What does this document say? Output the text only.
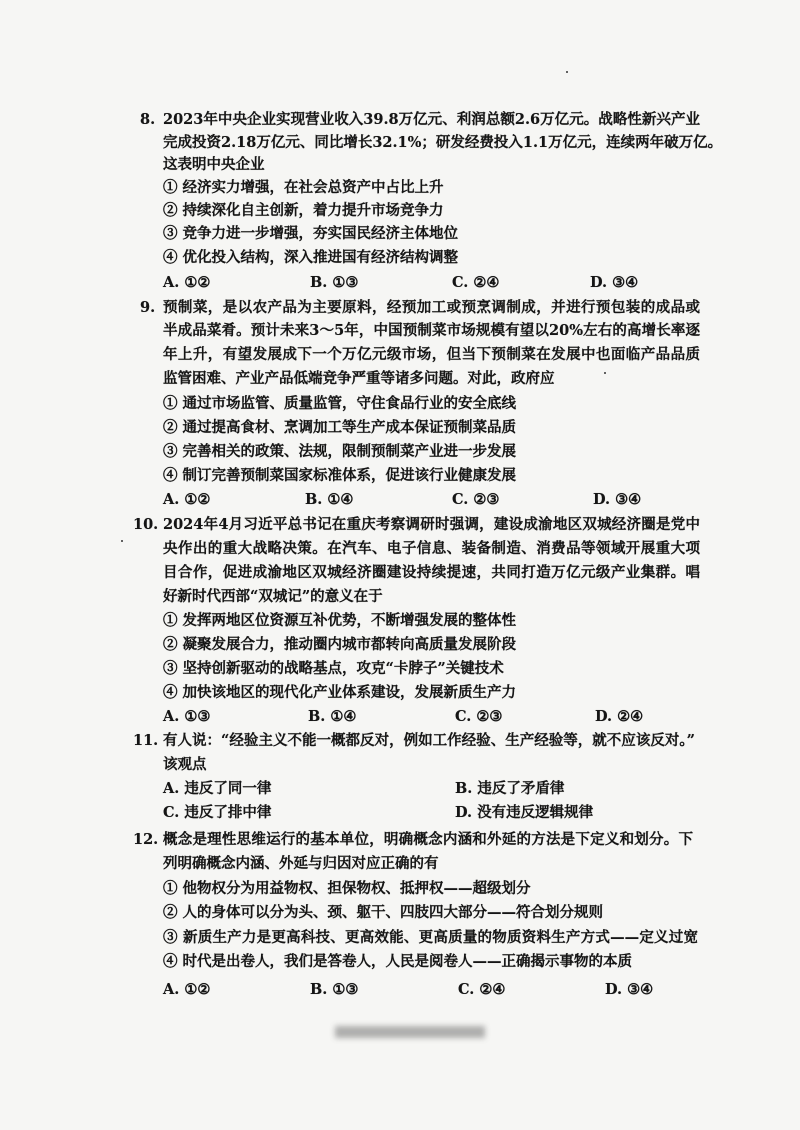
8. 2023年中央企业实现营业收入39.8万亿元、利润总额2.6万亿元。战略性新兴产业
完成投资2.18万亿元、同比增长32.1%；研发经费投入1.1万亿元，连续两年破万亿。
这表明中央企业
① 经济实力增强，在社会总资产中占比上升
② 持续深化自主创新，着力提升市场竞争力
③ 竞争力进一步增强，夯实国民经济主体地位
④ 优化投入结构，深入推进国有经济结构调整
A. ①②	B. ①③	C. ②④	D. ③④
9. 预制菜，是以农产品为主要原料，经预加工或预烹调制成，并进行预包装的成品或
半成品菜肴。预计未来3～5年，中国预制菜市场规模有望以20%左右的高增长率逐
年上升，有望发展成下一个万亿元级市场，但当下预制菜在发展中也面临产品品质
监管困难、产业产品低端竞争严重等诸多问题。对此，政府应
① 通过市场监管、质量监管，守住食品行业的安全底线
② 通过提高食材、烹调加工等生产成本保证预制菜品质
③ 完善相关的政策、法规，限制预制菜产业进一步发展
④ 制订完善预制菜国家标准体系，促进该行业健康发展
A. ①②	B. ①④	C. ②③	D. ③④
10. 2024年4月习近平总书记在重庆考察调研时强调，建设成渝地区双城经济圈是党中
央作出的重大战略决策。在汽车、电子信息、装备制造、消费品等领域开展重大项
目合作，促进成渝地区双城经济圈建设持续提速，共同打造万亿元级产业集群。唱
好新时代西部“双城记”的意义在于
① 发挥两地区位资源互补优势，不断增强发展的整体性
② 凝聚发展合力，推动圈内城市都转向高质量发展阶段
③ 坚持创新驱动的战略基点，攻克“卡脖子”关键技术
④ 加快该地区的现代化产业体系建设，发展新质生产力
A. ①③	B. ①④	C. ②③	D. ②④
11. 有人说：“经验主义不能一概都反对，例如工作经验、生产经验等，就不应该反对。”
该观点
A. 违反了同一律	B. 违反了矛盾律
C. 违反了排中律	D. 没有违反逻辑规律
12. 概念是理性思维运行的基本单位，明确概念内涵和外延的方法是下定义和划分。下
列明确概念内涵、外延与归因对应正确的有
① 他物权分为用益物权、担保物权、抵押权——超级划分
② 人的身体可以分为头、颈、躯干、四肢四大部分——符合划分规则
③ 新质生产力是更高科技、更高效能、更高质量的物质资料生产方式——定义过宽
④ 时代是出卷人，我们是答卷人，人民是阅卷人——正确揭示事物的本质
A. ①②	B. ①③	C. ②④	D. ③④
